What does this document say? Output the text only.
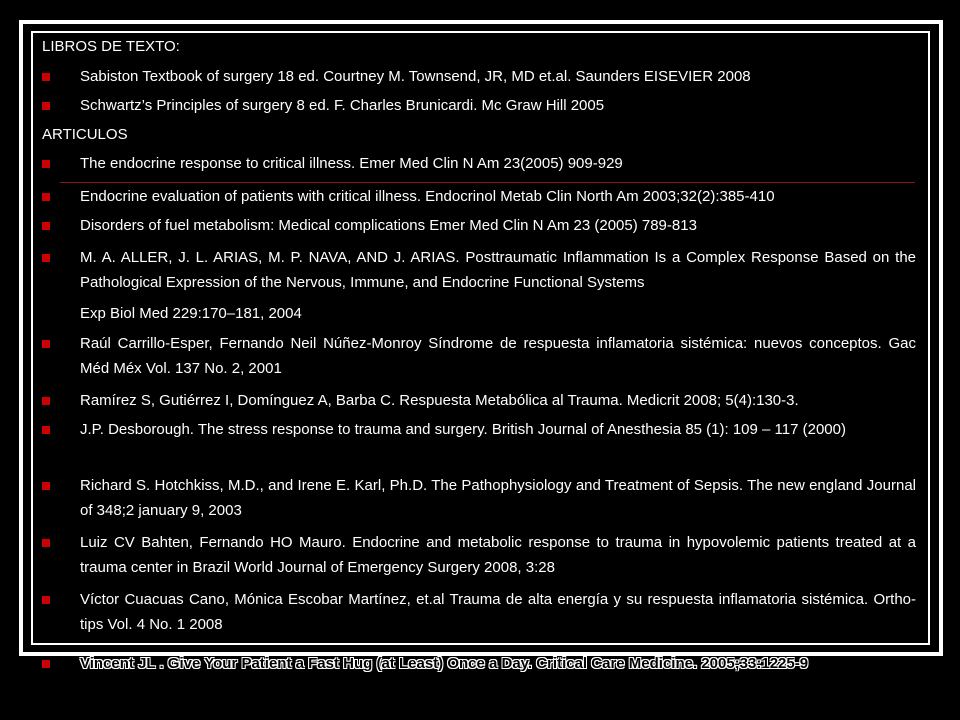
LIBROS DE TEXTO:
Sabiston Textbook of surgery 18 ed. Courtney M. Townsend, JR, MD et.al. Saunders EISEVIER 2008
Schwartz’s Principles of surgery 8 ed. F. Charles Brunicardi. Mc Graw Hill 2005
ARTICULOS
The endocrine response to critical illness. Emer Med Clin N Am 23(2005) 909-929
Endocrine evaluation of patients with critical illness. Endocrinol Metab Clin North Am 2003;32(2):385-410
Disorders of fuel metabolism: Medical complications Emer Med Clin N Am 23 (2005) 789-813
M. A. ALLER, J. L. ARIAS, M. P. NAVA, AND J. ARIAS. Posttraumatic Inflammation Is a Complex Response Based on the Pathological Expression of the Nervous, Immune, and Endocrine Functional Systems
Exp Biol Med 229:170–181, 2004
Raúl Carrillo-Esper, Fernando Neil Núñez-Monroy Síndrome de respuesta inflamatoria sistémica: nuevos conceptos. Gac Méd Méx Vol. 137 No. 2, 2001
Ramírez S, Gutiérrez I, Domínguez A, Barba C. Respuesta Metabólica al Trauma. Medicrit 2008; 5(4):130-3.
J.P. Desborough. The stress response to trauma and surgery. British Journal of Anesthesia 85 (1): 109 – 117 (2000)
Richard S. Hotchkiss, M.D., and Irene E. Karl, Ph.D. The Pathophysiology and Treatment of Sepsis. The new england Journal of 348;2 january 9, 2003
Luiz CV Bahten, Fernando HO Mauro. Endocrine and metabolic response to trauma in hypovolemic patients treated at a trauma center in Brazil World Journal of Emergency Surgery 2008, 3:28
Víctor Cuacuas Cano, Mónica Escobar Martínez, et.al Trauma de alta energía y su respuesta inflamatoria sistémica. Ortho-tips Vol. 4 No. 1 2008
Vincent JL . Give Your Patient a Fast Hug (at Least) Once a Day. Critical Care Medicine. 2005;33:1225-9
